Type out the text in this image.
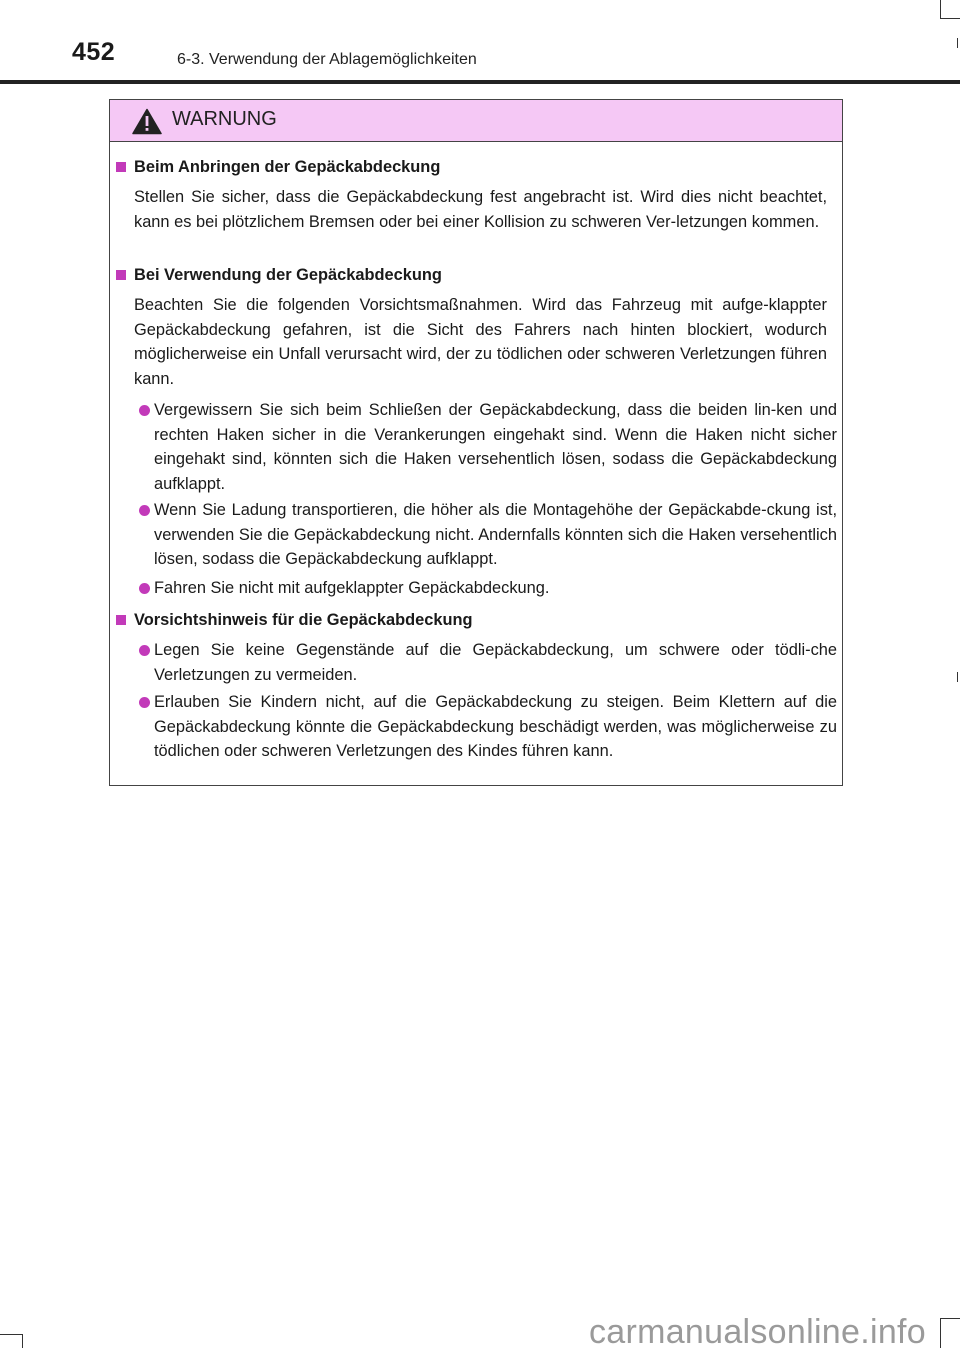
452	6-3. Verwendung der Ablagemöglichkeiten
WARNUNG
Beim Anbringen der Gepäckabdeckung
Stellen Sie sicher, dass die Gepäckabdeckung fest angebracht ist. Wird dies nicht beachtet, kann es bei plötzlichem Bremsen oder bei einer Kollision zu schweren Ver-letzungen kommen.
Bei Verwendung der Gepäckabdeckung
Beachten Sie die folgenden Vorsichtsmaßnahmen. Wird das Fahrzeug mit aufge-klappter Gepäckabdeckung gefahren, ist die Sicht des Fahrers nach hinten blockiert, wodurch möglicherweise ein Unfall verursacht wird, der zu tödlichen oder schweren Verletzungen führen kann.
Vergewissern Sie sich beim Schließen der Gepäckabdeckung, dass die beiden lin-ken und rechten Haken sicher in die Verankerungen eingehakt sind. Wenn die Haken nicht sicher eingehakt sind, könnten sich die Haken versehentlich lösen, sodass die Gepäckabdeckung aufklappt.
Wenn Sie Ladung transportieren, die höher als die Montagehöhe der Gepäckabde-ckung ist, verwenden Sie die Gepäckabdeckung nicht. Andernfalls könnten sich die Haken versehentlich lösen, sodass die Gepäckabdeckung aufklappt.
Fahren Sie nicht mit aufgeklappter Gepäckabdeckung.
Vorsichtshinweis für die Gepäckabdeckung
Legen Sie keine Gegenstände auf die Gepäckabdeckung, um schwere oder tödli-che Verletzungen zu vermeiden.
Erlauben Sie Kindern nicht, auf die Gepäckabdeckung zu steigen. Beim Klettern auf die Gepäckabdeckung könnte die Gepäckabdeckung beschädigt werden, was möglicherweise zu tödlichen oder schweren Verletzungen des Kindes führen kann.
carmanualsonline.info
